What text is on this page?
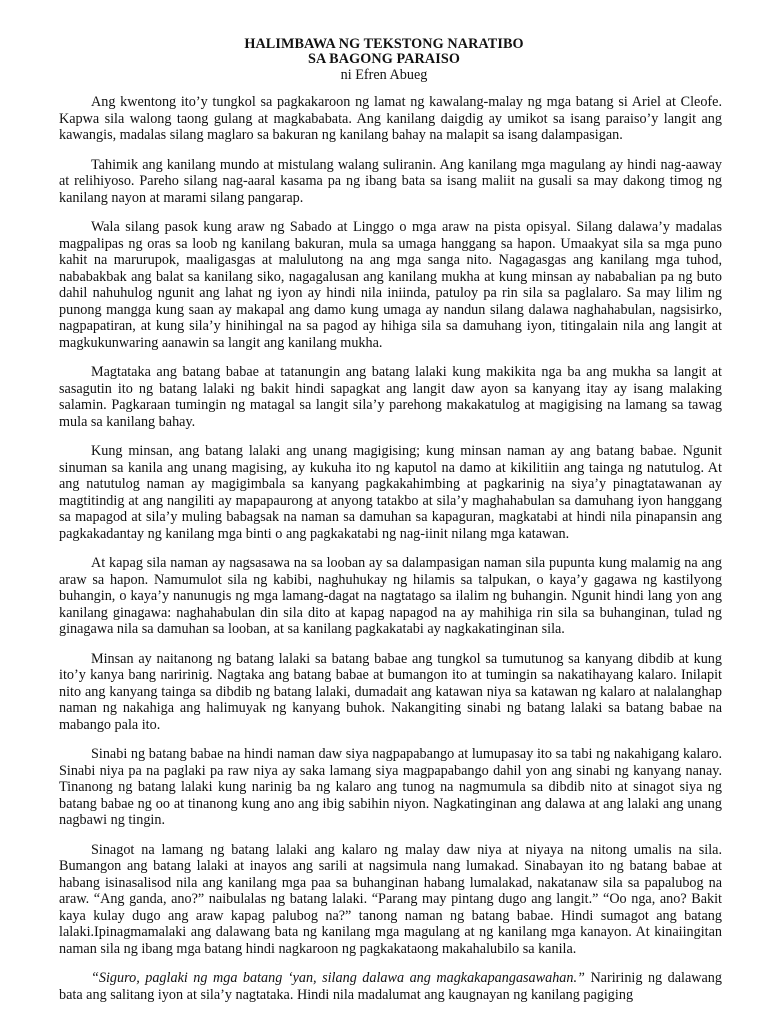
HALIMBAWA NG TEKSTONG NARATIBO

SA BAGONG PARAISO

ni Efren Abueg

Ang kwentong ito’y tungkol sa pagkakaroon ng lamat ng kawalang-malay ng mga batang si Ariel at Cleofe. Kapwa sila walong taong gulang at magkababata. Ang kanilang daigdig ay umikot sa isang paraiso’y langit ang kawangis, madalas silang maglaro sa bakuran ng kanilang bahay na malapit sa isang dalampasigan.

Tahimik ang kanilang mundo at mistulang walang suliranin. Ang kanilang mga magulang ay hindi nag-aaway at relihiyoso. Pareho silang nag-aaral kasama pa ng ibang bata sa isang maliit na gusali sa may dakong timog ng kanilang nayon at marami silang pangarap.

Wala silang pasok kung araw ng Sabado at Linggo o mga araw na pista opisyal. Silang dalawa’y madalas magpalipas ng oras sa loob ng kanilang bakuran, mula sa umaga hanggang sa hapon. Umaakyat sila sa mga puno kahit na marurupok, maaligasgas at malulutong na ang mga sanga nito. Nagagasgas ang kanilang mga tuhod, nababakbak ang balat sa kanilang siko, nagagalusan ang kanilang mukha at kung minsan ay nababalian pa ng buto dahil nahuhulog ngunit ang lahat ng iyon ay hindi nila iniinda, patuloy pa rin sila sa paglalaro. Sa may lilim ng punong mangga kung saan ay makapal ang damo kung umaga ay nandun silang dalawa naghahabulan, nagsisirko, nagpapatiran, at kung sila’y hinihingal na sa pagod ay hihiga sila sa damuhang iyon, titingalain nila ang langit at magkukunwaring aanawin sa langit ang kanilang mukha.

Magtataka ang batang babae at tatanungin ang batang lalaki kung makikita nga ba ang mukha sa langit at sasagutin ito ng batang lalaki ng bakit hindi sapagkat ang langit daw ayon sa kanyang itay ay isang malaking salamin. Pagkaraan tumingin ng matagal sa langit sila’y parehong makakatulog at magigising na lamang sa tawag mula sa kanilang bahay.

Kung minsan, ang batang lalaki ang unang magigising; kung minsan naman ay ang batang babae. Ngunit sinuman sa kanila ang unang magising, ay kukuha ito ng kaputol na damo at kikilitiin ang tainga ng natutulog. At ang natutulog naman ay magigimbala sa kanyang pagkakahimbing at pagkarinig na siya’y pinagtatawanan ay magtitindig at ang nangiliti ay mapapaurong at anyong tatakbo at sila’y maghahabulan sa damuhang iyon hanggang sa mapagod at sila’y muling babagsak na naman sa damuhan sa kapaguran, magkatabi at hindi nila pinapansin ang pagkakadantay ng kanilang mga binti o ang pagkakatabi ng nag-iinit nilang mga katawan.

At kapag sila naman ay nagsasawa na sa looban ay sa dalampasigan naman sila pupunta kung malamig na ang araw sa hapon. Namumulot sila ng kabibi, naghuhukay ng hilamis sa talpukan, o kaya’y gagawa ng kastilyong buhangin, o kaya’y nanunugis ng mga lamang-dagat na nagtatago sa ilalim ng buhangin. Ngunit hindi lang yon ang kanilang ginagawa: naghahabulan din sila dito at kapag napagod na ay mahihiga rin sila sa buhanginan, tulad ng ginagawa nila sa damuhan sa looban, at sa kanilang pagkakatabi ay nagkakatinginan sila.

Minsan ay naitanong ng batang lalaki sa batang babae ang tungkol sa tumutunog sa kanyang dibdib at kung ito’y kanya bang naririnig. Nagtaka ang batang babae at bumangon ito at tumingin sa nakatihayang kalaro. Inilapit nito ang kanyang tainga sa dibdib ng batang lalaki, dumadait ang katawan niya sa katawan ng kalaro at nalalanghap naman ng nakahiga ang halimuyak ng kanyang buhok. Nakangiting sinabi ng batang lalaki sa batang babae na mabango pala ito.

Sinabi ng batang babae na hindi naman daw siya nagpapabango at lumupasay ito sa tabi ng nakahigang kalaro. Sinabi niya pa na paglaki pa raw niya ay saka lamang siya magpapabango dahil yon ang sinabi ng kanyang nanay. Tinanong ng batang lalaki kung narinig ba ng kalaro ang tunog na nagmumula sa dibdib nito at sinagot siya ng batang babae ng oo at tinanong kung ano ang ibig sabihin niyon. Nagkatinginan ang dalawa at ang lalaki ang unang nagbawi ng tingin.

Sinagot na lamang ng batang lalaki ang kalaro ng malay daw niya at niyaya na nitong umalis na sila. Bumangon ang batang lalaki at inayos ang sarili at nagsimula nang lumakad. Sinabayan ito ng batang babae at habang isinasalisod nila ang kanilang mga paa sa buhanginan habang lumalakad, nakatanaw sila sa papalubog na araw. “Ang ganda, ano?” naibulalas ng batang lalaki. “Parang may pintang dugo ang langit.” “Oo nga, ano? Bakit kaya kulay dugo ang araw kapag palubog na?” tanong naman ng batang babae. Hindi sumagot ang batang lalaki.Ipinagmamalaki ang dalawang bata ng kanilang mga magulang at ng kanilang mga kanayon. At kinaiingitan naman sila ng ibang mga batang hindi nagkaroon ng pagkakataong makahalubilo sa kanila.

“Siguro, paglaki ng mga batang ‘yan, silang dalawa ang magkakapangasawahan.” Naririnig ng dalawang bata ang salitang iyon at sila’y nagtataka. Hindi nila madalumat ang kaugnayan ng kanilang pagiging
